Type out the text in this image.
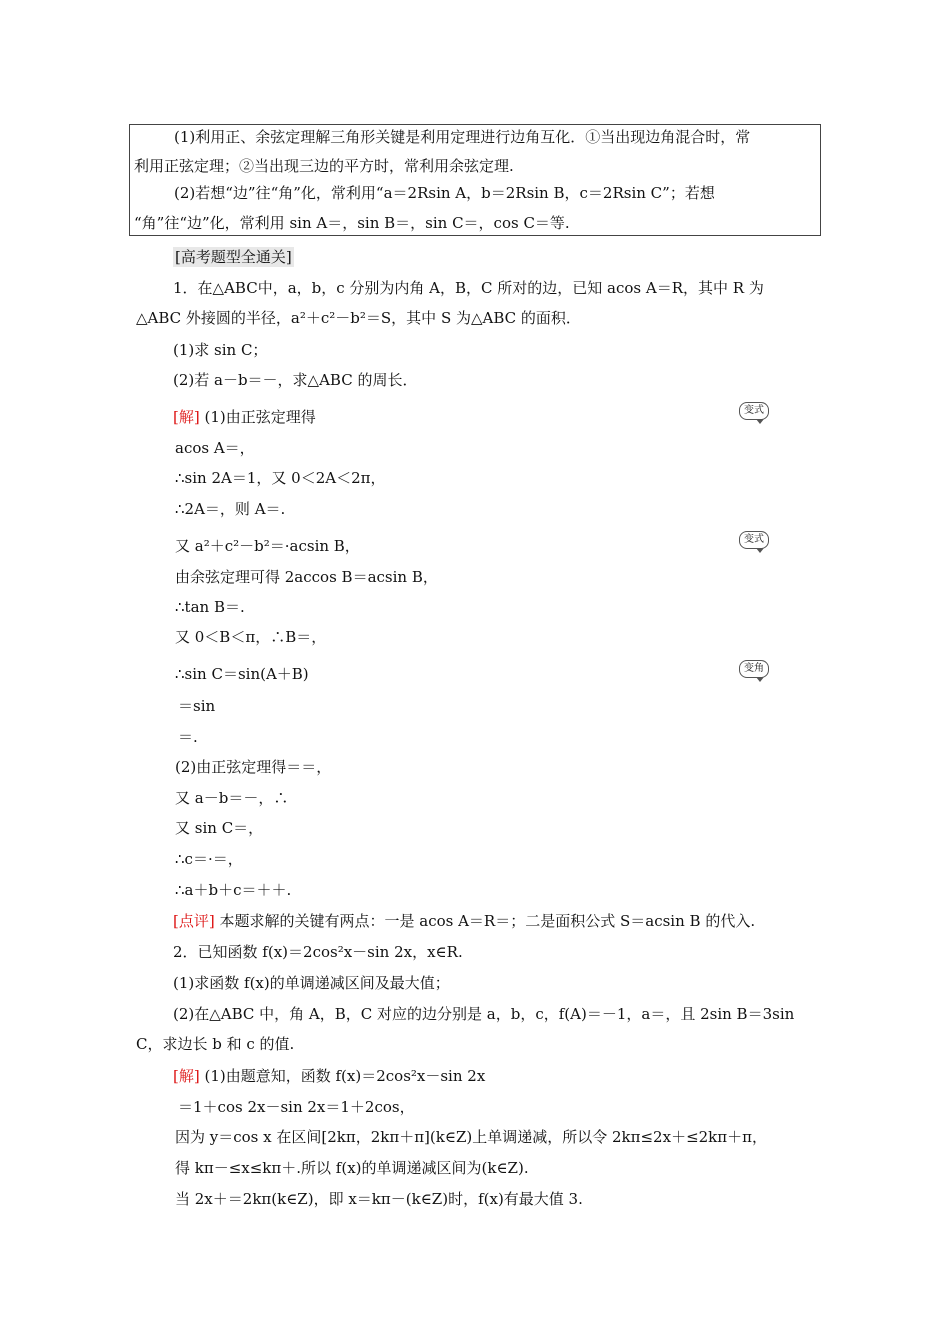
(1)利用正、余弦定理解三角形关键是利用定理进行边角互化．①当出现边角混合时，常
利用正弦定理；②当出现三边的平方时，常利用余弦定理.
(2)若想“边”往“角”化，常利用“a＝2Rsin A，b＝2Rsin B，c＝2Rsin C”；若想
“角”往“边”化，常利用 sin A＝，sin B＝，sin C＝，cos C＝等.
[高考题型全通关]
1．在△ABC中，a，b，c 分别为内角 A，B，C 所对的边，已知 acos A＝R，其中 R 为
△ABC 外接圆的半径，a²＋c²－b²＝S，其中 S 为△ABC 的面积．
(1)求 sin C；
(2)若 a－b＝－，求△ABC 的周长．
[解] (1)由正弦定理得	变式
变式
变角
acos A＝，
∴sin 2A＝1，又 0＜2A＜2π，
∴2A＝，则 A＝.
又 a²＋c²－b²＝·acsin B，
由余弦定理可得 2accos B＝acsin B，
∴tan B＝.
又 0＜B＜π，∴B＝，
∴sin C＝sin(A＋B)
＝sin
＝.
(2)由正弦定理得＝＝，
又 a－b＝－，∴
又 sin C＝，
∴c＝·＝，
∴a＋b＋c＝＋＋.
[点评] 本题求解的关键有两点：一是 acos A＝R＝；二是面积公式 S＝acsin B 的代入.
2．已知函数 f(x)＝2cos²x－sin 2x，x∈R.
(1)求函数 f(x)的单调递减区间及最大值；
(2)在△ABC 中，角 A，B，C 对应的边分别是 a，b，c，f(A)＝－1，a＝，且 2sin B＝3sin
C，求边长 b 和 c 的值.
[解] (1)由题意知，函数 f(x)＝2cos²x－sin 2x
＝1＋cos 2x－sin 2x＝1＋2cos，
因为 y＝cos x 在区间[2kπ，2kπ＋π](k∈Z)上单调递减，所以令 2kπ≤2x＋≤2kπ＋π，
得 kπ－≤x≤kπ＋.所以 f(x)的单调递减区间为(k∈Z).
当 2x＋＝2kπ(k∈Z)，即 x＝kπ－(k∈Z)时，f(x)有最大值 3.
